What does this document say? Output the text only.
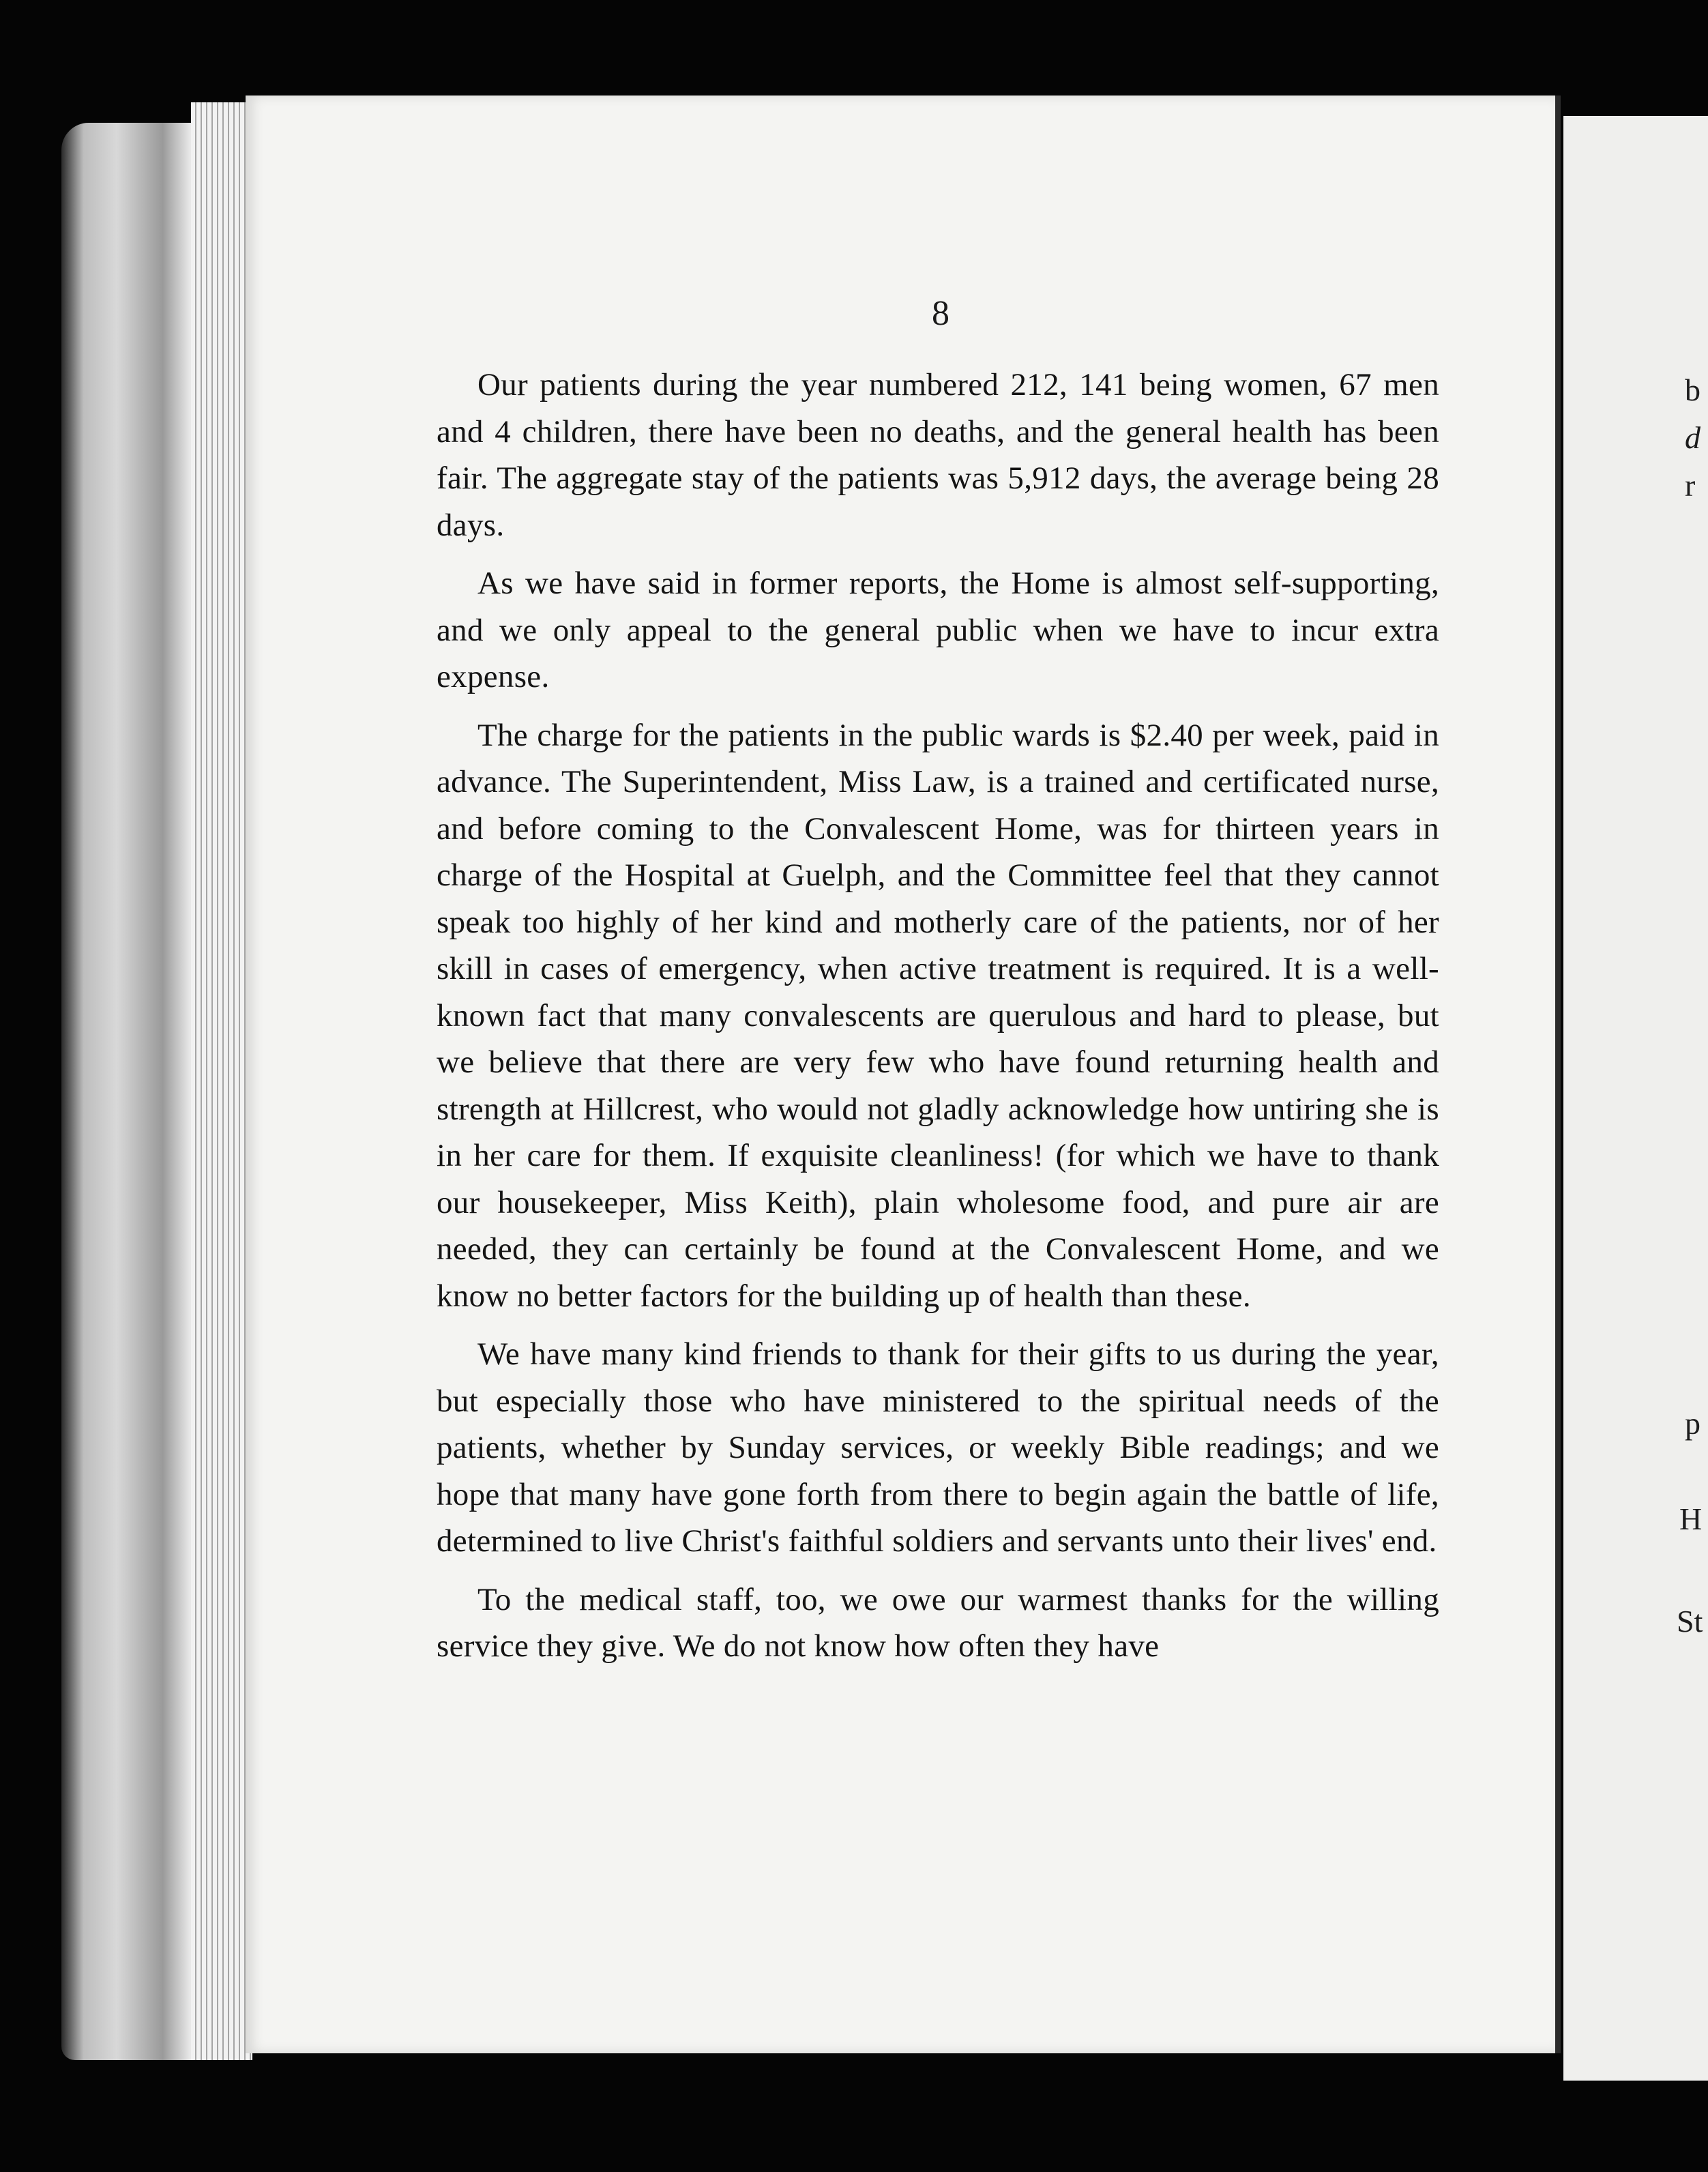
b
d
r
p
H
St
8

Our patients during the year numbered 212, 141 being women, 67 men and 4 children, there have been no deaths, and the general health has been fair. The aggregate stay of the patients was 5,912 days, the average being 28 days.

As we have said in former reports, the Home is almost self-supporting, and we only appeal to the general public when we have to incur extra expense.

The charge for the patients in the public wards is $2.40 per week, paid in advance. The Superintendent, Miss Law, is a trained and certificated nurse, and before coming to the Convalescent Home, was for thirteen years in charge of the Hospital at Guelph, and the Committee feel that they cannot speak too highly of her kind and motherly care of the patients, nor of her skill in cases of emergency, when active treatment is required. It is a well-known fact that many convalescents are querulous and hard to please, but we believe that there are very few who have found returning health and strength at Hillcrest, who would not gladly acknowledge how untiring she is in her care for them. If exquisite cleanliness! (for which we have to thank our housekeeper, Miss Keith), plain wholesome food, and pure air are needed, they can certainly be found at the Convalescent Home, and we know no better factors for the building up of health than these.

We have many kind friends to thank for their gifts to us during the year, but especially those who have ministered to the spiritual needs of the patients, whether by Sunday services, or weekly Bible readings; and we hope that many have gone forth from there to begin again the battle of life, determined to live Christ's faithful soldiers and servants unto their lives' end.

To the medical staff, too, we owe our warmest thanks for the willing service they give. We do not know how often they have
